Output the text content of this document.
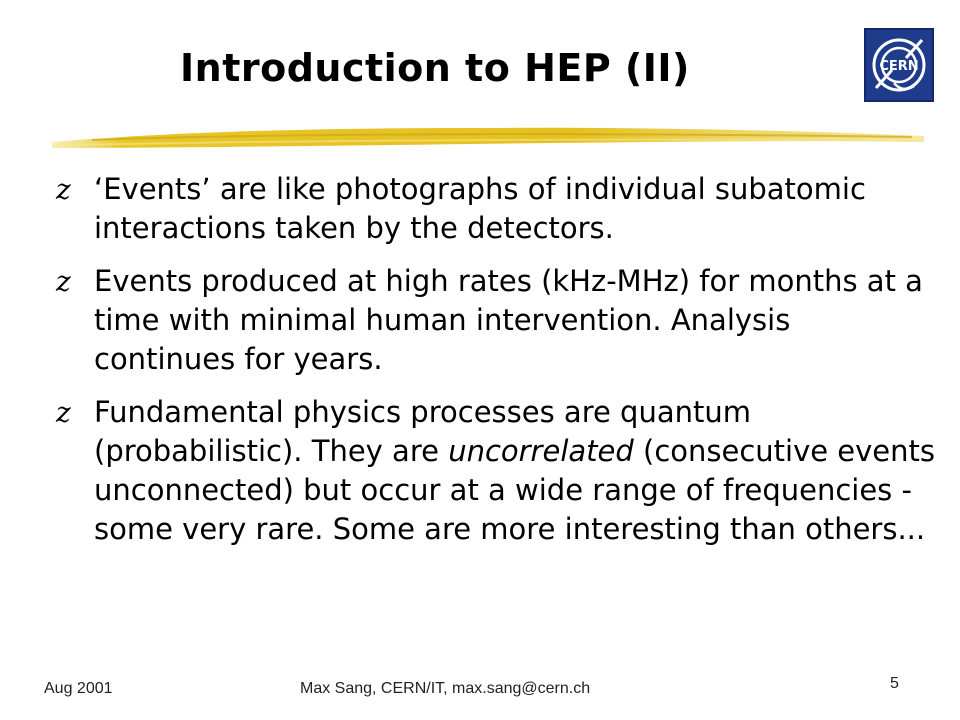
Introduction to HEP (II)	CERN
z ‘Events’ are like photographs of individual subatomic interactions taken by the detectors.
z Events produced at high rates (kHz-MHz) for months at a time with minimal human intervention. Analysis continues for years.
z Fundamental physics processes are quantum (probabilistic). They are uncorrelated (consecutive events unconnected) but occur at a wide range of frequencies - some very rare. Some are more interesting than others...
Aug 2001	Max Sang, CERN/IT, max.sang@cern.ch	5
